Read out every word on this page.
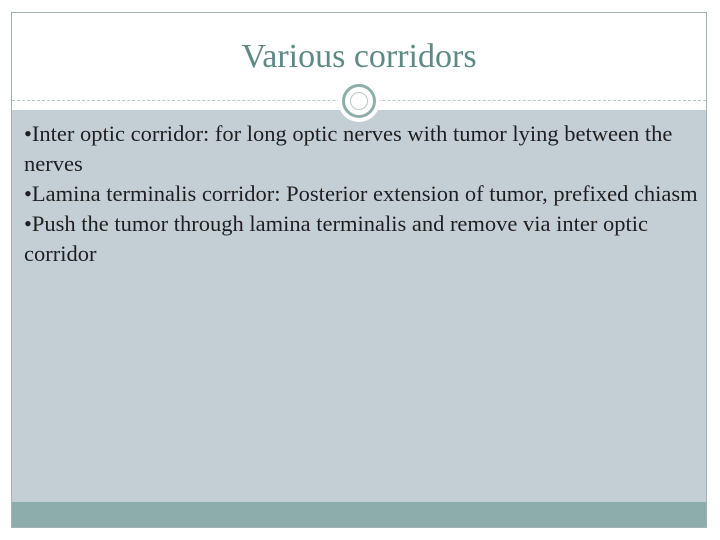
Various corridors
•Inter optic corridor: for long optic nerves with tumor lying between the nerves
•Lamina terminalis corridor: Posterior extension of tumor, prefixed chiasm
•Push the tumor through lamina terminalis and remove via inter optic corridor
